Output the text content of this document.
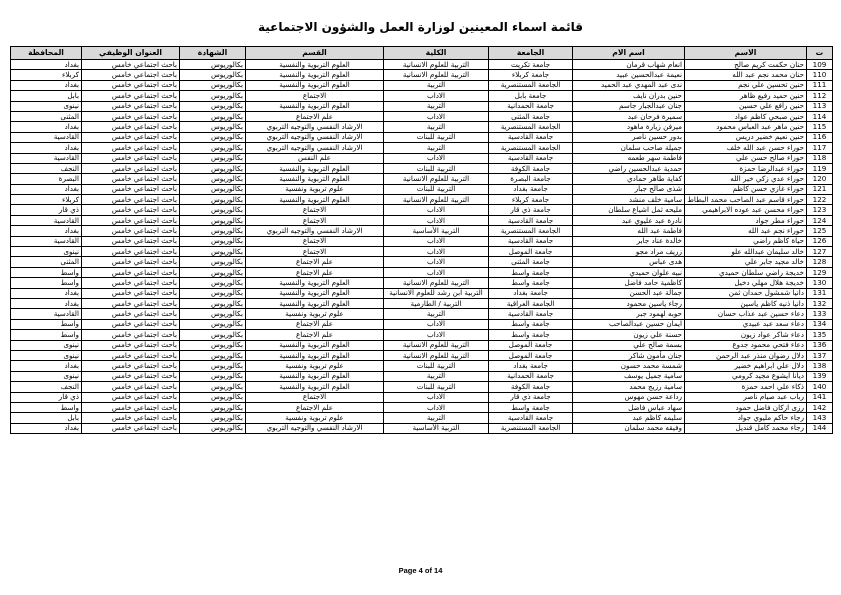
قائمة اسماء المعينين لوزارة العمل والشؤون الاجتماعية
ت	الاسم	اسم الام	الجامعة	الكلية	القسم	الشهادة	العنوان الوظيفي	المحافظة
109	حنان حكمت كريم صالح	انعام شهاب قرمان	جامعة تكريت	التربية للعلوم الانسانية	العلوم التربوية والنفسية	بكالوريوس	باحث اجتماعي خامس	بغداد
110	حنان محمد نجم عبد الله	نعيمة عبدالحسين عبيد	جامعة كربلاء	التربية للعلوم الانسانية	العلوم التربوية والنفسية	بكالوريوس	باحث اجتماعي خامس	كربلاء
111	حنين تحسين علي نجم	ندى عبد المهدي عبد الحميد	الجامعة المستنصرية	التربية	العلوم التربوية والنفسية	بكالوريوس	باحث اجتماعي خامس	بغداد
112	حنين حميد رفيع ظاهر	حنين بدران نايف	جامعة بابل	الاداب	الاجتماع	بكالوريوس	باحث اجتماعي خامس	بابل
113	حنين رافع علي حسين	جنان عبدالجبار جاسم	جامعة الحمدانية	التربية	العلوم التربوية والنفسية	بكالوريوس	باحث اجتماعي خامس	نينوى
114	حنين صبحي كاظم عواد	سميرة فرحان عبد	جامعة المثنى	الاداب	علم الاجتماع	بكالوريوس	باحث اجتماعي خامس	المثنى
115	حنين ماهر عبد العباس محمود	ميرفن زيارة ماهود	الجامعة المستنصرية	التربية	الارشاد النفسي والتوجيه التربوي	بكالوريوس	باحث اجتماعي خامس	بغداد
116	حنين نعيم خضير دريس	بدور حسين ناصر	جامعة القادسية	التربية للبنات	الارشاد النفسي والتوجيه التربوي	بكالوريوس	باحث اجتماعي خامس	القادسية
117	حوراء حسن عبد الله خلف	جميلة صاحب سلمان	الجامعة المستنصرية	التربية	الارشاد النفسي والتوجيه التربوي	بكالوريوس	باحث اجتماعي خامس	بغداد
118	حوراء صالح حسن علي	فاطمة سهر طعمه	جامعة القادسية	الاداب	علم النفس	بكالوريوس	باحث اجتماعي خامس	القادسية
119	حوراء عبدالرضا حمزة	حمدية عبدالحسين راضي	جامعة الكوفة	التربية للبنات	العلوم التربوية والنفسية	بكالوريوس	باحث اجتماعي خامس	النجف
120	حوراء عدي زكي خير الله	كفاية طاهر حمادي	جامعة البصرة	التربية للعلوم الانسانية	العلوم التربوية والنفسية	بكالوريوس	باحث اجتماعي خامس	البصرة
121	حوراء غازي حسن كاظم	شذى صالح جبار	جامعة بغداد	التربية للبنات	علوم تربوية ونفسية	بكالوريوس	باحث اجتماعي خامس	بغداد
122	حوراء قاسم عبد الصاحب محمد البطاط	سامية خلف منشد	جامعة كربلاء	التربية للعلوم الانسانية	العلوم التربوية والنفسية	بكالوريوس	باحث اجتماعي خامس	كربلاء
123	حوراء محسن عبد عوده الابراهيمي	مليحه ثمل اشياع سلطان	جامعة ذي قار	الاداب	الاجتماع	بكالوريوس	باحث اجتماعي خامس	ذي قار
124	حوراء مطر جواد	نادرة عبد عليوي عبد	جامعة القادسية	الاداب	الاجتماع	بكالوريوس	باحث اجتماعي خامس	القادسية
125	حوراء نجم عبد الله	فاطمة عبد الله	الجامعة المستنصرية	التربية الأساسية	الارشاد النفسي والتوجيه التربوي	بكالوريوس	باحث اجتماعي خامس	بغداد
126	حياة كاظم راضي	خالدة عناد جابر	جامعة القادسية	الاداب	الاجتماع	بكالوريوس	باحث اجتماعي خامس	القادسية
127	خالد سليمان عبدالله علو	زريف مراد مجو	جامعة الموصل	الاداب	الاجتماع	بكالوريوس	باحث اجتماعي خامس	نينوى
128	خالد مجيد جابر علي	هدى عباس	جامعة المثنى	الاداب	علم الاجتماع	بكالوريوس	باحث اجتماعي خامس	المثنى
129	خديجة راضي سلطان حميدي	نبيه علوان حميدي	جامعة واسط	الاداب	علم الاجتماع	بكالوريوس	باحث اجتماعي خامس	واسط
130	خديجة هلال مهلي دخيل	كاظمية حامد فاضل	جامعة واسط	التربية للعلوم الانسانية	العلوم التربوية والنفسية	بكالوريوس	باحث اجتماعي خامس	واسط
131	دانيا شمشول حمدان ثمن	جمالة عبد الحسن	جامعة بغداد	التربية ابن رشد للعلوم الانسانية	العلوم التربوية والنفسية	بكالوريوس	باحث اجتماعي خامس	بغداد
132	دانيا ذنيه كاظم ياسين	رجاء ياسين محمود	الجامعة العراقية	التربية / الطارمية	العلوم التربوية والنفسية	بكالوريوس	باحث اجتماعي خامس	بغداد
133	دعاء حسين عبد عذاب حسان	حوبه لهمود جبر	جامعة القادسية	التربية	علوم تربوية ونفسية	بكالوريوس	باحث اجتماعي خامس	القادسية
134	دعاء سعد عبد عبيدي	ايمان حسين عبدالصاحب	جامعة واسط	الاداب	علم الاجتماع	بكالوريوس	باحث اجتماعي خامس	واسط
135	دعاء شاكر عواد زيون	حسنة علي زيون	جامعة واسط	الاداب	علم الاجتماع	بكالوريوس	باحث اجتماعي خامس	واسط
136	دعاء فتحي محمود جدوع	بسمة صالح علي	جامعة الموصل	التربية للعلوم الانسانية	العلوم التربوية والنفسية	بكالوريوس	باحث اجتماعي خامس	نينوى
137	دلال رضوان منذر عبد الرحمن	جنان مأمون شاكر	جامعة الموصل	التربية للعلوم الانسانية	العلوم التربوية والنفسية	بكالوريوس	باحث اجتماعي خامس	نينوى
138	دلال علي ابراهيم خضير	شمسة محمد حسون	جامعة بغداد	التربية للبنات	علوم تربوية ونفسية	بكالوريوس	باحث اجتماعي خامس	بغداد
139	ديانا ايشوع مجيد كرومي	سامية جميل يوسف	جامعة الحمدانية	التربية	العلوم التربوية والنفسية	بكالوريوس	باحث اجتماعي خامس	نينوى
140	ذكاء علي احمد حمزة	سامية رزيج محمد	جامعة الكوفة	التربية للبنات	العلوم التربوية والنفسية	بكالوريوس	باحث اجتماعي خامس	النجف
141	رباب عبد صيام ناصر	رداعة حسن مهوس	جامعة ذي قار	الاداب	الاجتماع	بكالوريوس	باحث اجتماعي خامس	ذي قار
142	رزى ازكان فاضل حمود	سهاد عباس فاضل	جامعة واسط	الاداب	علم الاجتماع	بكالوريوس	باحث اجتماعي خامس	واسط
143	رجاء حاكم مليوي جواد	سليمه كاظم عبد	جامعة القادسية	التربية	علوم تربوية ونفسية	بكالوريوس	باحث اجتماعي خامس	بابل
144	رجاء محمد كامل قنديل	وفيقه محمد سلمان	الجامعة المستنصرية	التربية الأساسية	الارشاد النفسي والتوجيه التربوي	بكالوريوس	باحث اجتماعي خامس	بغداد
Page 4 of 14
